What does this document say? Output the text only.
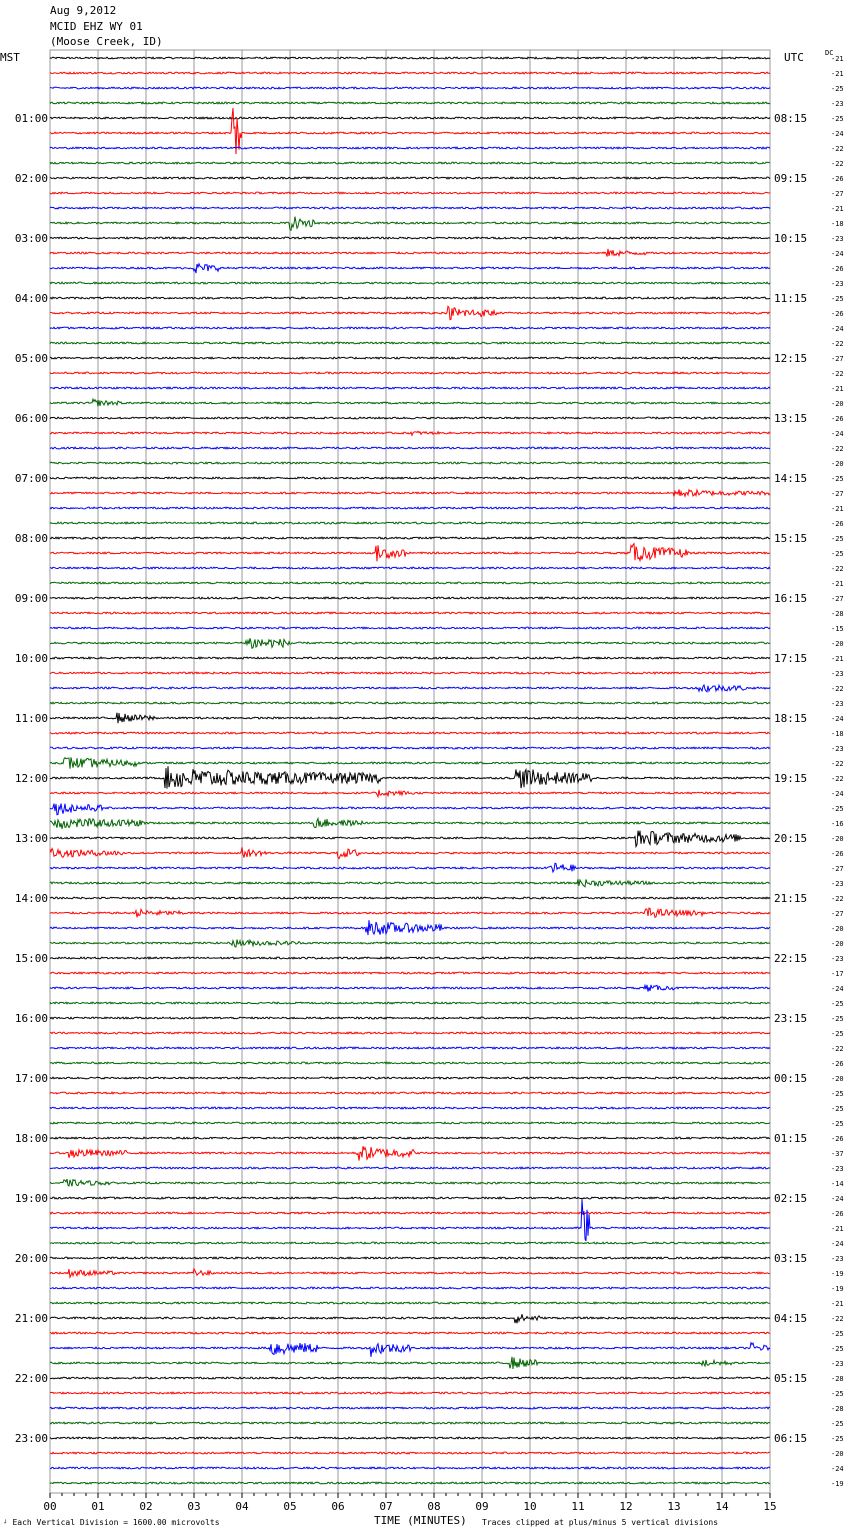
Aug 9,2012
MCID EHZ WY 01
(Moose Creek, ID)
MST	UTC	DC
-21
-21
-25
-23
-25
-24
-22
-22
-26
-27
-21
-18
-23
-24
-26
-23
-25
-26
-24
-22
-27
-22
-21
-20
-26
-24
-22
-20
-25
-27
-21
-26
-25
-25
-22
-21
-27
-28
-15
-20
-21
-23
-22
-23
-24
-18
-23
-22
-22
-24
-25
-16
-20
-26
-27
-23
-22
-27
-20
-20
-23
-17
-24
-25
-25
-25
-22
-26
-20
-25
-25
-25
-26
-37
-23
-14
-24
-26
-21
-24
-23
-19
-19
-21
-22
-25
-25
-23
-28
-25
-28
-25
-25
-20
-24
-19
01:00
02:00
03:00
04:00
05:00
06:00
07:00
08:00
09:00
10:00
11:00
12:00
13:00
14:00
15:00
16:00
17:00
18:00
19:00
20:00
21:00
22:00
23:00
08:15
09:15
10:15
11:15
12:15
13:15
14:15
15:15
16:15
17:15
18:15
19:15
20:15
21:15
22:15
23:15
00:15
01:15
02:15
03:15
04:15
05:15
06:15
00	01	02	03	04	05	06	07	08	09	10	11	12	13	14	15
┘ Each Vertical Division = 1600.00 microvolts	TIME (MINUTES) Traces clipped at plus/minus 5 vertical divisions
